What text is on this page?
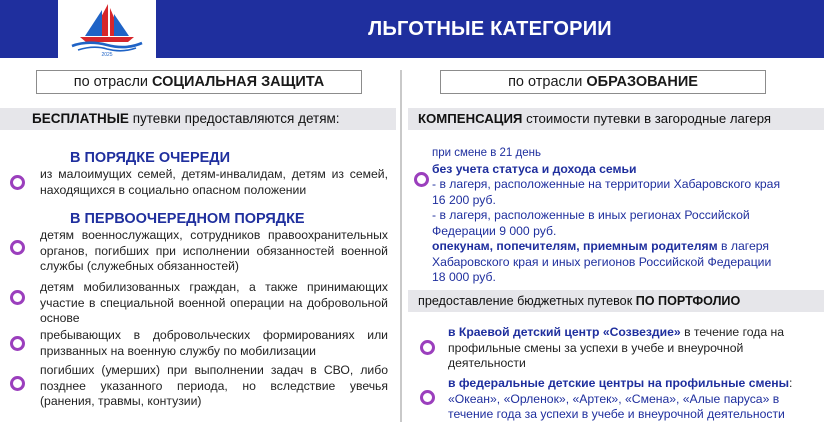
2025
ЛЬГОТНЫЕ КАТЕГОРИИ
по отрасли СОЦИАЛЬНАЯ ЗАЩИТА
БЕСПЛАТНЫЕ путевки предоставляются детям:
В ПОРЯДКЕ ОЧЕРЕДИ
из малоимущих семей, детям-инвалидам, детям из семей, находящихся в социально опасном положении
В ПЕРВООЧЕРЕДНОМ ПОРЯДКЕ
детям военнослужащих, сотрудников правоохранительных органов, погибших при исполнении обязанностей военной службы (служебных обязанностей)
детям мобилизованных граждан, а также принимающих участие в специальной военной операции на добровольной основе
пребывающих в добровольческих формированиях или призванных на военную службу по мобилизации
погибших (умерших) при выполнении задач в СВО, либо позднее указанного периода, но вследствие увечья (ранения, травмы, контузии)
по отрасли ОБРАЗОВАНИЕ
КОМПЕНСАЦИЯ стоимости путевки в загородные лагеря
при смене в 21 день
без учета статуса и дохода семьи
- в лагеря, расположенные на территории Хабаровского края
16 200 руб.
- в лагеря, расположенные в иных регионах Российской
Федерации 9 000 руб.
опекунам, попечителям, приемным родителям в лагеря
Хабаровского края и иных регионов Российской Федерации
18 000 руб.
предоставление бюджетных путевок ПО ПОРТФОЛИО
в Краевой детский центр «Созвездие» в течение года на профильные смены за успехи в учебе и внеурочной деятельности
в федеральные детские центры на профильные смены:
«Океан», «Орленок», «Артек», «Смена», «Алые паруса» в течение года за успехи в учебе и внеурочной деятельности
